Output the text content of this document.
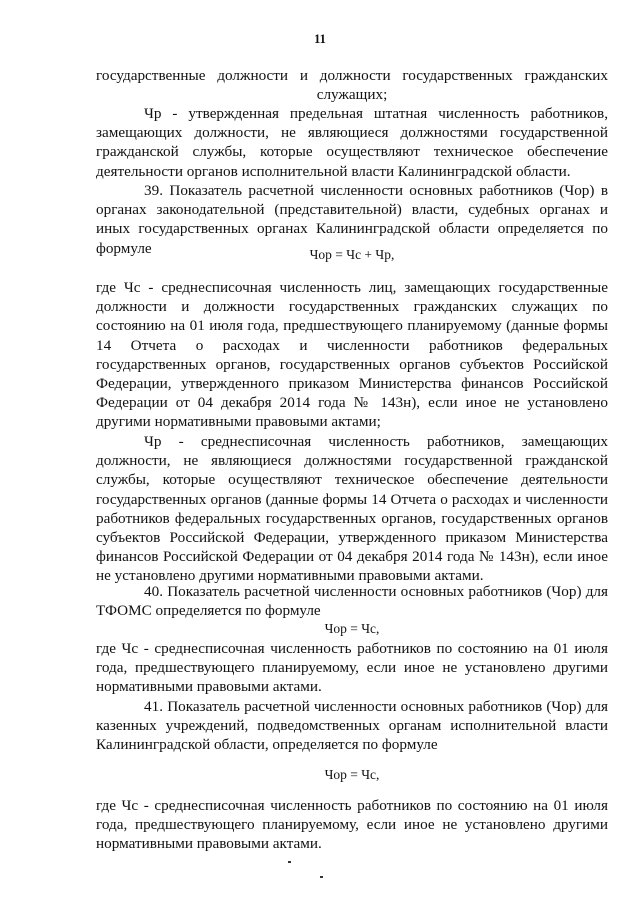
11
государственные должности и должности государственных гражданских служащих;
Чр - утвержденная предельная штатная численность работников, замещающих должности, не являющиеся должностями государственной гражданской службы, которые осуществляют техническое обеспечение деятельности органов исполнительной власти Калининградской области.
39. Показатель расчетной численности основных работников (Чор) в органах законодательной (представительной) власти, судебных органах и иных государственных органах Калининградской области определяется по формуле	Чор = Чс + Чр,
где Чс - среднесписочная численность лиц, замещающих государственные должности и должности государственных гражданских служащих по состоянию на 01 июля года, предшествующего планируемому (данные формы 14 Отчета о расходах и численности работников федеральных государственных органов, государственных органов субъектов Российской Федерации, утвержденного приказом Министерства финансов Российской Федерации от 04 декабря 2014 года № 143н), если иное не установлено другими нормативными правовыми актами;
Чр - среднесписочная численность работников, замещающих должности, не являющиеся должностями государственной гражданской службы, которые осуществляют техническое обеспечение деятельности государственных органов (данные формы 14 Отчета о расходах и численности работников федеральных государственных органов, государственных органов субъектов Российской Федерации, утвержденного приказом Министерства финансов Российской Федерации от 04 декабря 2014 года № 143н), если иное не установлено другими нормативными правовыми актами.
40. Показатель расчетной численности основных работников (Чор) для ТФОМС определяется по формуле
Чор = Чс,
где Чс - среднесписочная численность работников по состоянию на 01 июля года, предшествующего планируемому, если иное не установлено другими нормативными правовыми актами.
41. Показатель расчетной численности основных работников (Чор) для казенных учреждений, подведомственных органам исполнительной власти Калининградской области, определяется по формуле
Чор = Чс,
где Чс - среднесписочная численность работников по состоянию на 01 июля года, предшествующего планируемому, если иное не установлено другими нормативными правовыми актами.
